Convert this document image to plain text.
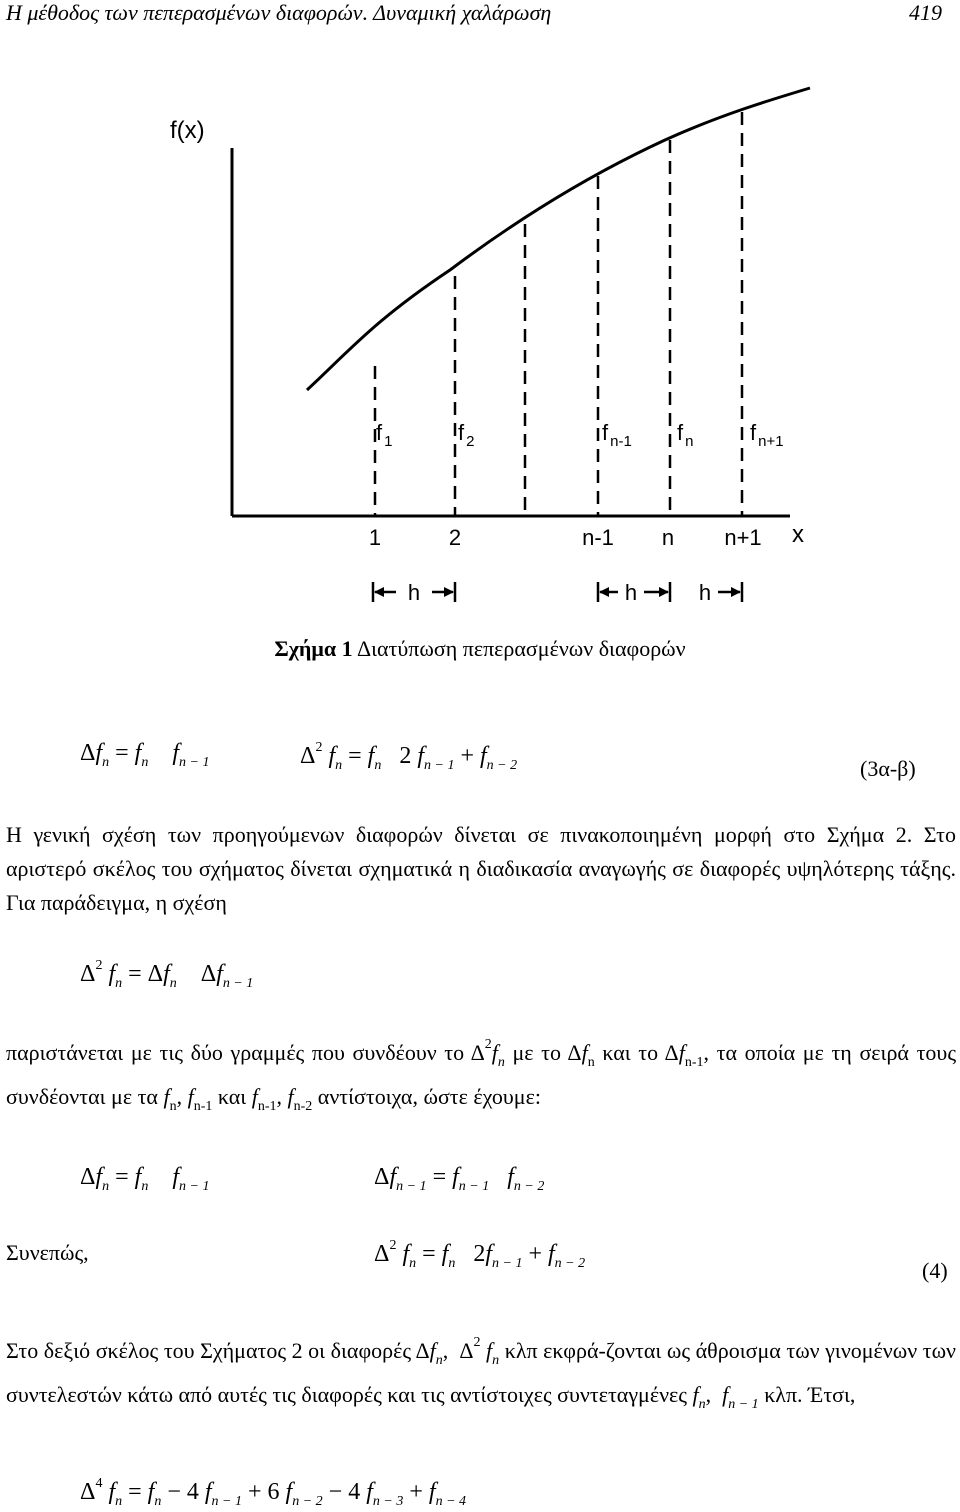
Η μέθοδος των πεπερασμένων διαφορών. Δυναμική χαλάρωση	419
f(x)
x
f $_1$	f $_2$	f $_{n-1}$ f $_n$	f $_{n+1}$
1	2	n-1 n n+1
h	h	h
Σχήμα 1 Διατύπωση πεπερασμένων διαφορών
$\Delta f_n = f_n$ $f_{n - 1}$	$\Delta^2$ $f_n = f_n$   2 $f_{n - 1} + f_{n - 2}$	(3α-β)
Η γενική σχέση των προηγούμενων διαφορών δίνεται σε πινακοποιημένη μορφή στο Σχήμα 2. Στο αριστερό σκέλος του σχήματος δίνεται σχηματικά η διαδικασία αναγωγής σε διαφορές υψηλότερης τάξης. Για παράδειγμα, η σχέση
$\Delta^2$ $f_n = \Delta f_n$    $\Delta f_{n - 1}$
παριστάνεται με τις δύο γραμμές που συνδέουν το $\Delta^2f_n$ με το $\Delta f_n$ και το $\Delta f_{n-1}$, τα οποία με τη σειρά τους συνδέονται με τα $f_n$, $f_{n-1}$ και $f_{n-1}$, $f_{n-2}$ αντίστοιχα, ώστε έχουμε:
$\Delta f_n = f_n$ $f_{n - 1}$	$\Delta f_{n - 1} = f_{n - 1}$ $f_{n - 2}$
Συνεπώς,	$\Delta^2$ $f_n = f_n$   $2f_{n - 1} + f_{n - 2}$	(4)
Στο δεξιό σκέλος του Σχήματος 2 οι διαφορές $\Delta f_n$,  $\Delta^2$ $f_n$ κλπ εκφρά-ζονται ως άθροισμα των γινομένων των συντελεστών κάτω από αυτές τις διαφορές και τις αντίστοιχες συντεταγμένες $f_n$,  $f_{n - 1}$ κλπ. Έτσι,
$\Delta^4$ $f_n = f_n - 4$ $f_{n - 1} + 6$ $f_{n - 2} - 4$ $f_{n - 3} + f_{n - 4}$
